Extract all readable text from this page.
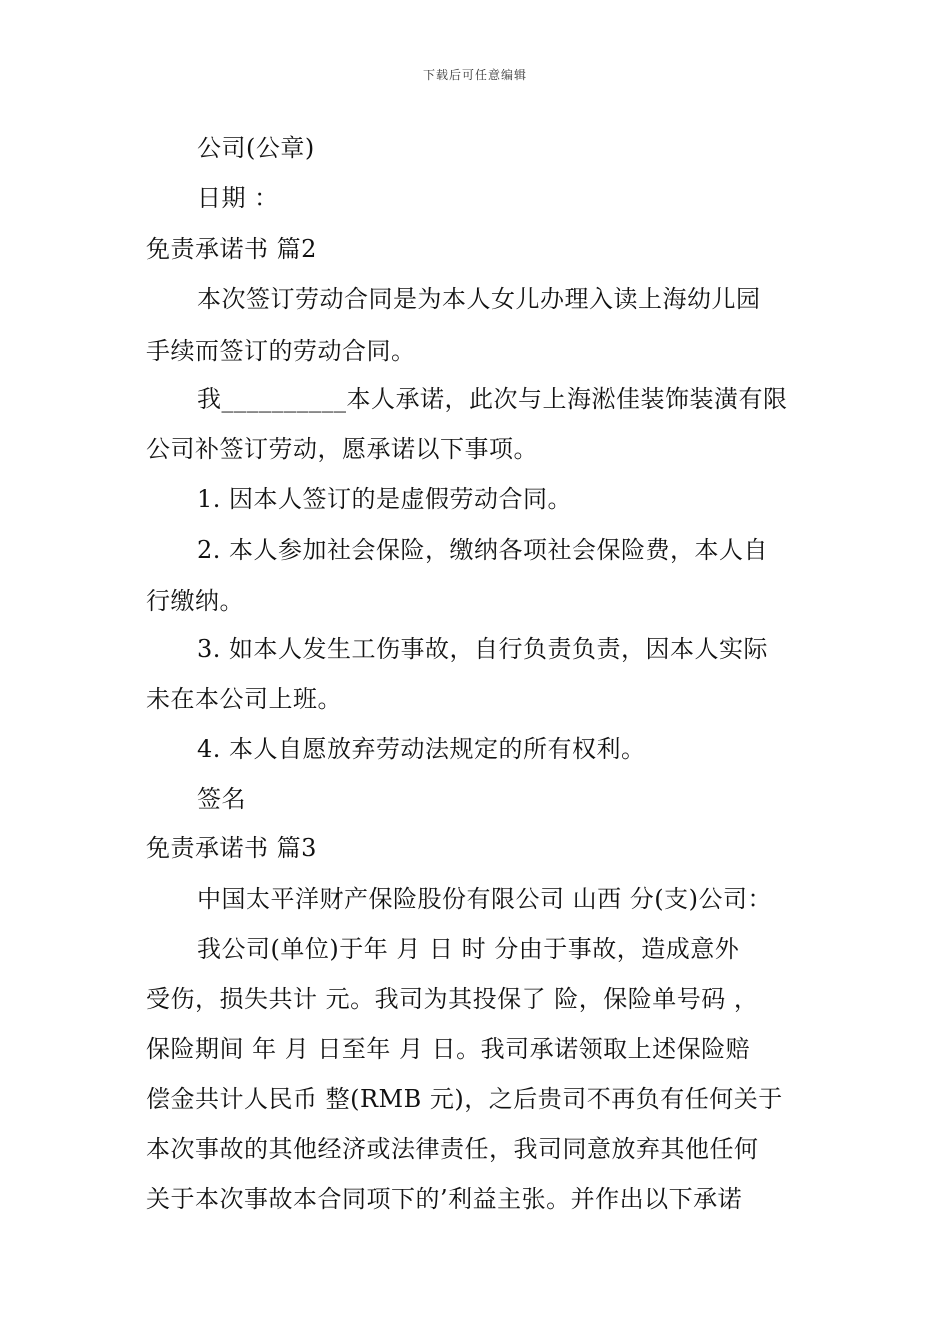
下载后可任意编辑
公司(公章)
日期 ：
免责承诺书 篇2
本次签订劳动合同是为本人女儿办理入读上海幼儿园
手续而签订的劳动合同。
我__________本人承诺，此次与上海淞佳装饰装潢有限
公司补签订劳动，愿承诺以下事项。
1. 因本人签订的是虚假劳动合同。
2. 本人参加社会保险，缴纳各项社会保险费，本人自
行缴纳。
3. 如本人发生工伤事故，自行负责负责，因本人实际
未在本公司上班。
4. 本人自愿放弃劳动法规定的所有权利。
签名
免责承诺书 篇3
中国太平洋财产保险股份有限公司 山西 分(支)公司：
我公司(单位)于年 月 日 时 分由于事故，造成意外
受伤，损失共计 元。我司为其投保了 险，保险单号码 ，
保险期间 年 月 日至年 月 日。我司承诺领取上述保险赔
偿金共计人民币 整(RMB 元)，之后贵司不再负有任何关于
本次事故的其他经济或法律责任，我司同意放弃其他任何
关于本次事故本合同项下的’利益主张。并作出以下承诺
